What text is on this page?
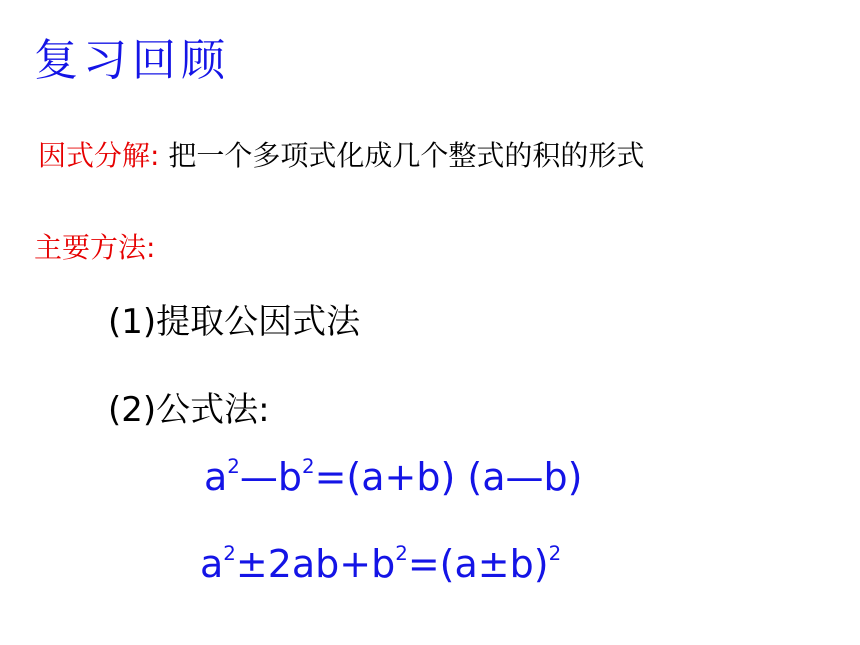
复习回顾
因式分解: 把一个多项式化成几个整式的积的形式
主要方法:
(1)提取公因式法
(2)公式法:
$a^2—b^2=(a+b)$ (a—b)
$a^2\pm 2ab+b^2=(a\pm b)^2$
